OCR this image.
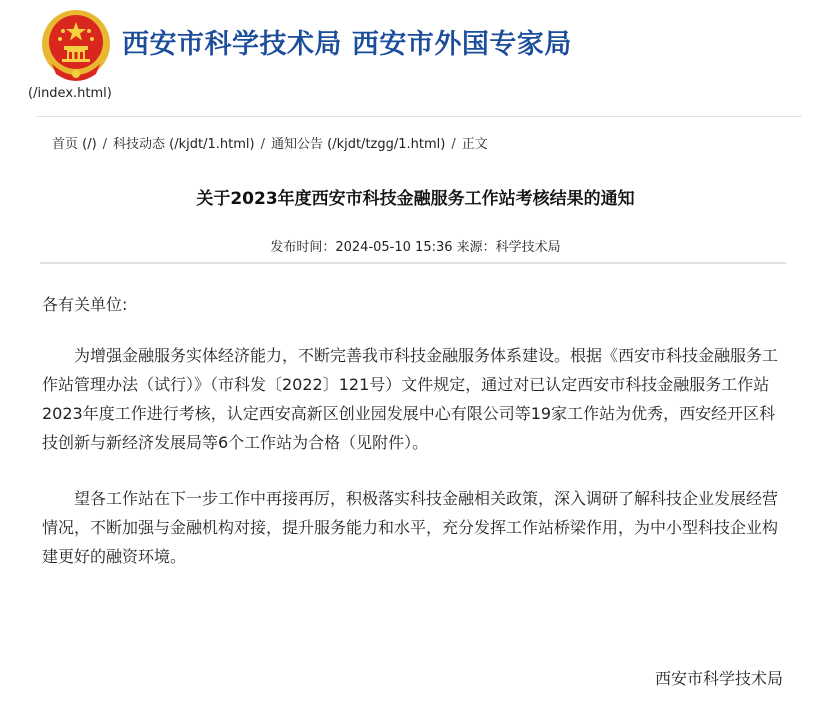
西安市科学技术局 西安市外国专家局
(/index.html)
首页 (/) / 科技动态 (/kjdt/1.html) / 通知公告 (/kjdt/tzgg/1.html) / 正文
关于2023年度西安市科技金融服务工作站考核结果的通知
发布时间：2024-05-10 15:36 来源：科学技术局

各有关单位:

为增强金融服务实体经济能力，不断完善我市科技金融服务体系建设。根据《西安市科技金融服务工作站管理办法（试行）》（市科发〔2022〕121号）文件规定，通过对已认定西安市科技金融服务工作站2023年度工作进行考核，认定西安高新区创业园发展中心有限公司等19家工作站为优秀，西安经开区科技创新与新经济发展局等6个工作站为合格（见附件）。

望各工作站在下一步工作中再接再厉，积极落实科技金融相关政策，深入调研了解科技企业发展经营情况，不断加强与金融机构对接，提升服务能力和水平，充分发挥工作站桥梁作用，为中小型科技企业构建更好的融资环境。

西安市科学技术局
